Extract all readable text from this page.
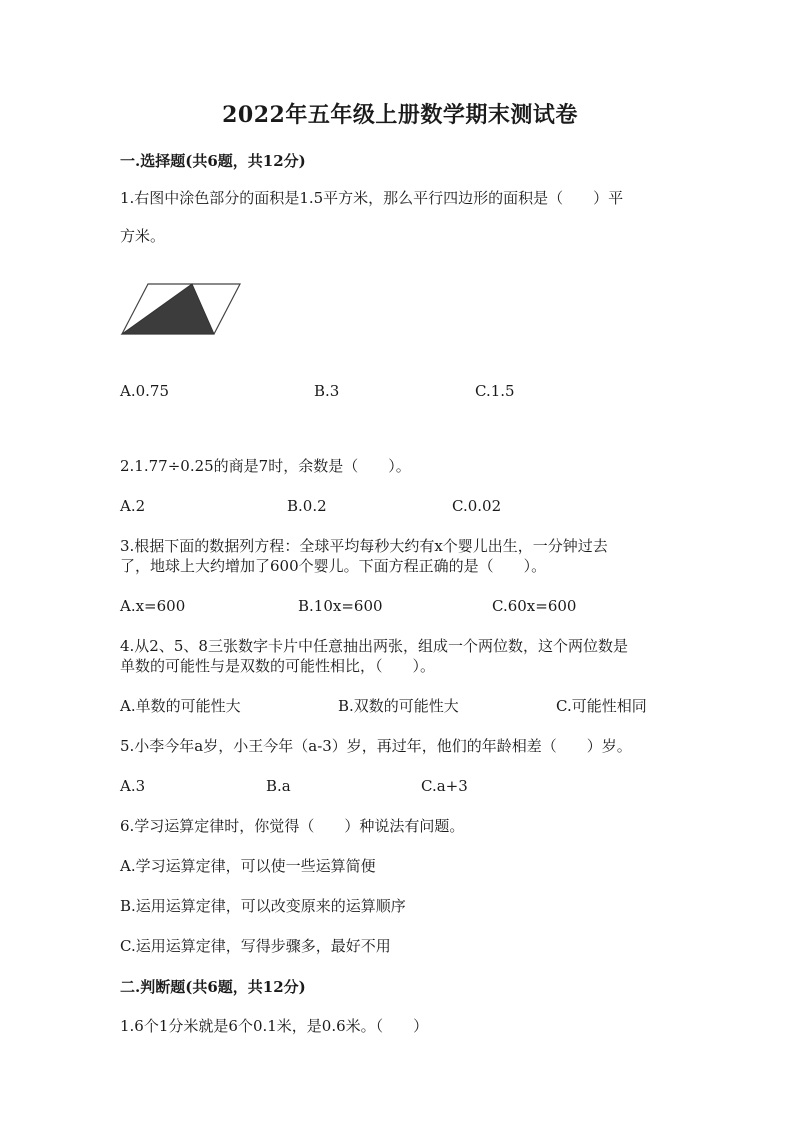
2022年五年级上册数学期末测试卷
一.选择题(共6题，共12分)
1.右图中涂色部分的面积是1.5平方米，那么平行四边形的面积是（　　）平
方米。
A.0.75	B.3	C.1.5
2.1.77÷0.25的商是7时，余数是（　　）。
A.2	B.0.2	C.0.02
3.根据下面的数据列方程：全球平均每秒大约有x个婴儿出生，一分钟过去
了，地球上大约增加了600个婴儿。下面方程正确的是（　　）。
A.x=600	B.10x=600	C.60x=600
4.从2、5、8三张数字卡片中任意抽出两张，组成一个两位数，这个两位数是
单数的可能性与是双数的可能性相比，（　　）。
A.单数的可能性大	B.双数的可能性大	C.可能性相同
5.小李今年a岁，小王今年（a-3）岁，再过年，他们的年龄相差（　　）岁。
A.3	B.a	C.a+3
6.学习运算定律时，你觉得（　　）种说法有问题。
A.学习运算定律，可以使一些运算简便
B.运用运算定律，可以改变原来的运算顺序
C.运用运算定律，写得步骤多，最好不用
二.判断题(共6题，共12分)
1.6个1分米就是6个0.1米，是0.6米。（　　）
